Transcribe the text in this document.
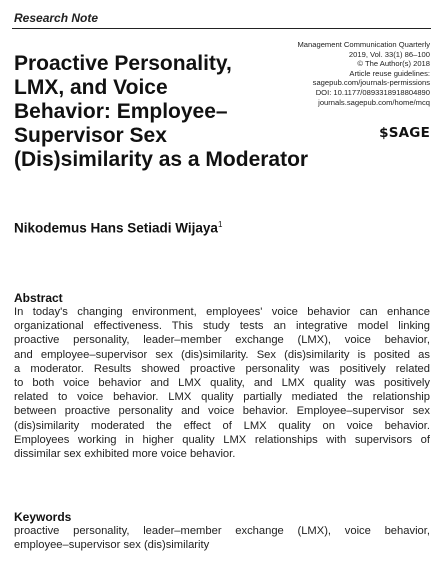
Research Note
Proactive Personality,
LMX, and Voice
Behavior: Employee–
Supervisor Sex
(Dis)similarity as a Moderator
Management Communication Quarterly
2019, Vol. 33(1) 86–100
© The Author(s) 2018
Article reuse guidelines:
sagepub.com/journals-permissions
DOI: 10.1177/0893318918804890
journals.sagepub.com/home/mcq
$SAGE
Nikodemus Hans Setiadi Wijaya$^1$
Abstract
In today's changing environment, employees' voice behavior can enhance
organizational effectiveness. This study tests an integrative model linking
proactive personality, leader–member exchange (LMX), voice behavior,
and employee–supervisor sex (dis)similarity. Sex (dis)similarity is posited as
a moderator. Results showed proactive personality was positively related
to both voice behavior and LMX quality, and LMX quality was positively
related to voice behavior. LMX quality partially mediated the relationship
between proactive personality and voice behavior. Employee–supervisor sex
(dis)similarity moderated the effect of LMX quality on voice behavior.
Employees working in higher quality LMX relationships with supervisors of
dissimilar sex exhibited more voice behavior.
Keywords
proactive personality, leader–member exchange (LMX), voice behavior,
employee–supervisor sex (dis)similarity
